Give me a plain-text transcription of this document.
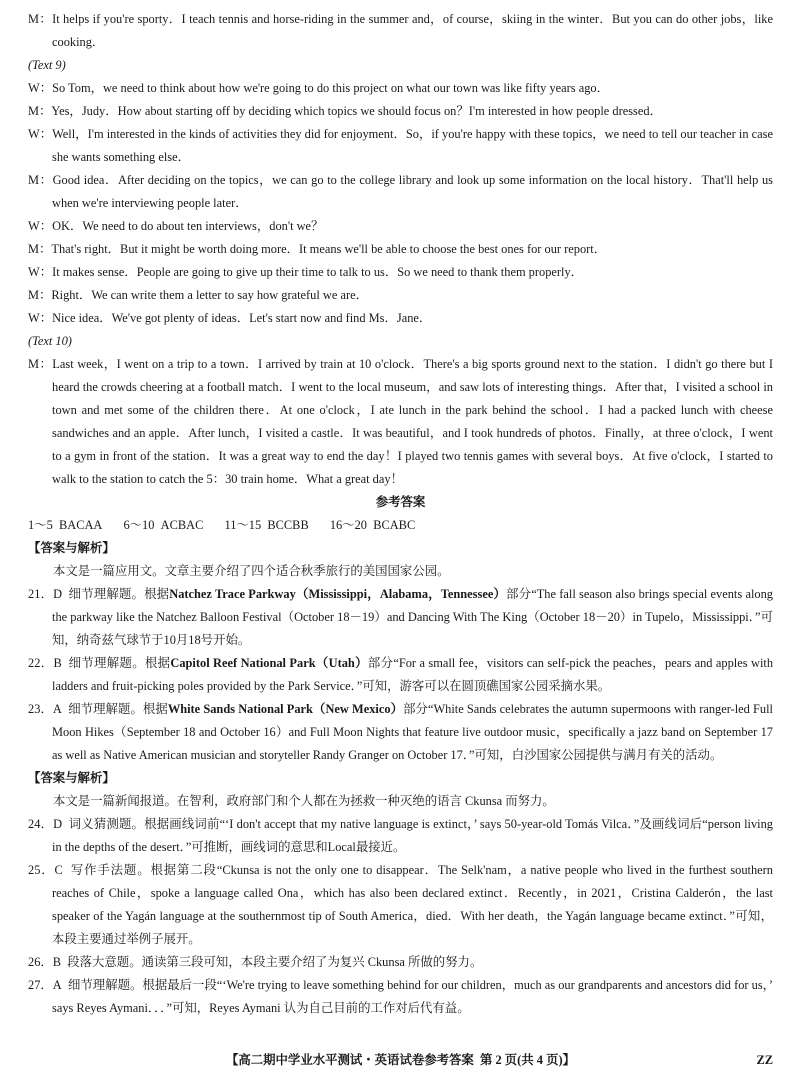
M：It helps if you're sporty．I teach tennis and horse-riding in the summer and，of course，skiing in the winter．But you can do other jobs，like cooking．
(Text 9)
W：So Tom，we need to think about how we're going to do this project on what our town was like fifty years ago．
M：Yes，Judy．How about starting off by deciding which topics we should focus on？I'm interested in how people dressed．
W：Well，I'm interested in the kinds of activities they did for enjoyment．So，if you're happy with these topics，we need to tell our teacher in case she wants something else．
M：Good idea．After deciding on the topics，we can go to the college library and look up some information on the local history．That'll help us when we're interviewing people later．
W：OK．We need to do about ten interviews，don't we？
M：That's right．But it might be worth doing more．It means we'll be able to choose the best ones for our report．
W：It makes sense．People are going to give up their time to talk to us．So we need to thank them properly．
M：Right．We can write them a letter to say how grateful we are．
W：Nice idea．We've got plenty of ideas．Let's start now and find Ms．Jane．
(Text 10)
M：Last week，I went on a trip to a town．I arrived by train at 10 o'clock．There's a big sports ground next to the station．I didn't go there but I heard the crowds cheering at a football match．I went to the local museum，and saw lots of interesting things．After that，I visited a school in town and met some of the children there．At one o'clock，I ate lunch in the park behind the school．I had a packed lunch with cheese sandwiches and an apple．After lunch，I visited a castle．It was beautiful，and I took hundreds of photos．Finally，at three o'clock，I went to a gym in front of the station．It was a great way to end the day！I played two tennis games with several boys．At five o'clock，I started to walk to the station to catch the 5：30 train home．What a great day！
参考答案
1～5 BACAA 6～10 ACBAC 11～15 BCCBB 16～20 BCABC
【答案与解析】
本文是一篇应用文。文章主要介绍了四个适合秋季旅行的美国国家公园。
21．D 细节理解题。根据Natchez Trace Parkway（Mississippi，Alabama，Tennessee）部分“The fall season also brings special events along the parkway like the Natchez Balloon Festival（October 18－19）and Dancing With The King（October 18－20）in Tupelo，Mississippi．”可知，纳奇兹气球节于10月18号开始。
22．B 细节理解题。根据Capitol Reef National Park（Utah）部分“For a small fee，visitors can self-pick the peaches，pears and apples with ladders and fruit-picking poles provided by the Park Service．”可知，游客可以在圆顶礁国家公园采摘水果。
23．A 细节理解题。根据White Sands National Park（New Mexico）部分“White Sands celebrates the autumn supermoons with ranger-led Full Moon Hikes（September 18 and October 16）and Full Moon Nights that feature live outdoor music，specifically a jazz band on September 17 as well as Native American musician and storyteller Randy Granger on October 17．”可知，白沙国家公园提供与满月有关的活动。
【答案与解析】
本文是一篇新闻报道。在智利，政府部门和个人都在为拯救一种灭绝的语言 Ckunsa 而努力。
24．D 词义猜测题。根据画线词前“‘I don't accept that my native language is extinct，’ says 50-year-old Tomás Vilca．”及画线词后“person living in the depths of the desert．”可推断，画线词的意思和Local最接近。
25．C 写作手法题。根据第二段“Ckunsa is not the only one to disappear．The Selk'nam，a native people who lived in the furthest southern reaches of Chile，spoke a language called Ona，which has also been declared extinct．Recently，in 2021，Cristina Calderón，the last speaker of the Yagán language at the southernmost tip of South America，died．With her death，the Yagán language became extinct．”可知，本段主要通过举例子展开。
26．B 段落大意题。通读第三段可知，本段主要介绍了为复兴 Ckunsa 所做的努力。
27．A 细节理解题。根据最后一段“‘We're trying to leave something behind for our children，much as our grandparents and ancestors did for us，’ says Reyes Aymani．．．”可知，Reyes Aymani 认为自己目前的工作对后代有益。
【高二期中学业水平测试・英语试卷参考答案 第 2 页(共 4 页)】	ZZ
